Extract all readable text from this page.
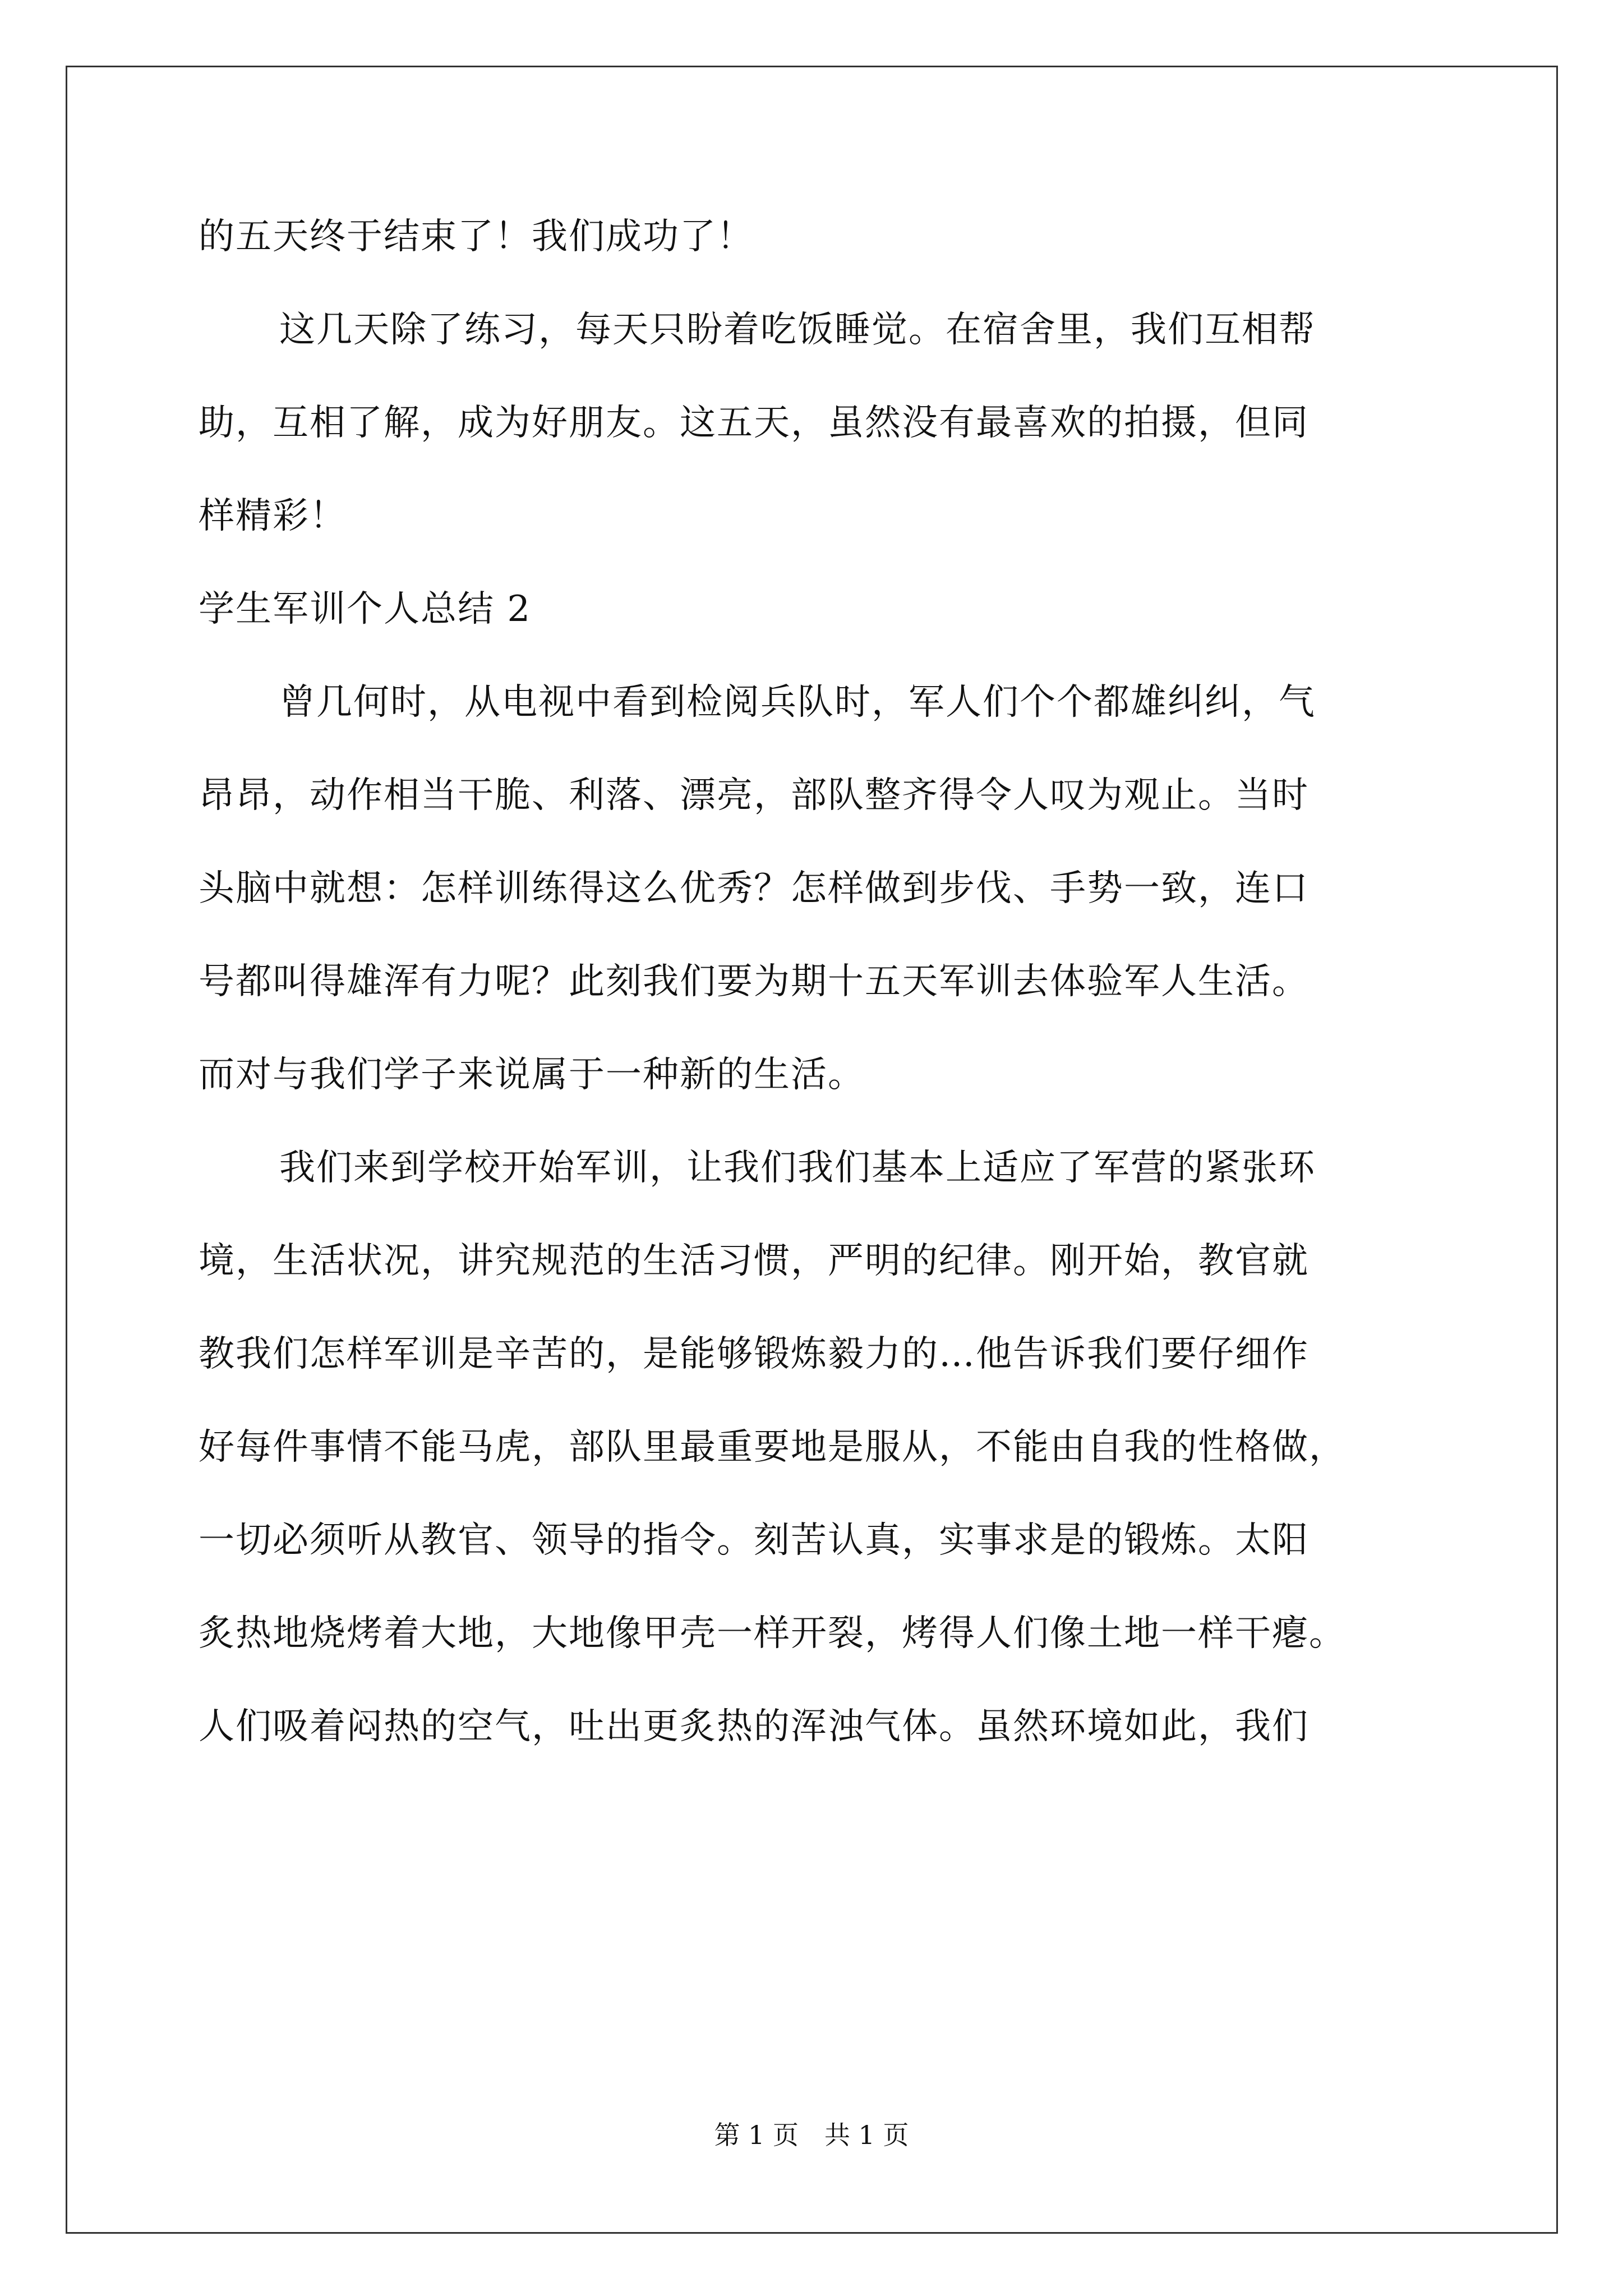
的五天终于结束了！我们成功了！
这几天除了练习，每天只盼着吃饭睡觉。在宿舍里，我们互相帮
助，互相了解，成为好朋友。这五天，虽然没有最喜欢的拍摄，但同
样精彩！
学生军训个人总结 2
曾几何时，从电视中看到检阅兵队时，军人们个个都雄纠纠，气
昂昂，动作相当干脆、利落、漂亮，部队整齐得令人叹为观止。当时
头脑中就想：怎样训练得这么优秀？怎样做到步伐、手势一致，连口
号都叫得雄浑有力呢？此刻我们要为期十五天军训去体验军人生活。
而对与我们学子来说属于一种新的生活。
我们来到学校开始军训，让我们我们基本上适应了军营的紧张环
境，生活状况，讲究规范的生活习惯，严明的纪律。刚开始，教官就
教我们怎样军训是辛苦的，是能够锻炼毅力的…他告诉我们要仔细作
好每件事情不能马虎，部队里最重要地是服从，不能由自我的性格做，
一切必须听从教官、领导的指令。刻苦认真，实事求是的锻炼。太阳
炙热地烧烤着大地，大地像甲壳一样开裂，烤得人们像土地一样干瘪。
人们吸着闷热的空气，吐出更炙热的浑浊气体。虽然环境如此，我们
第 1 页　共 1 页
